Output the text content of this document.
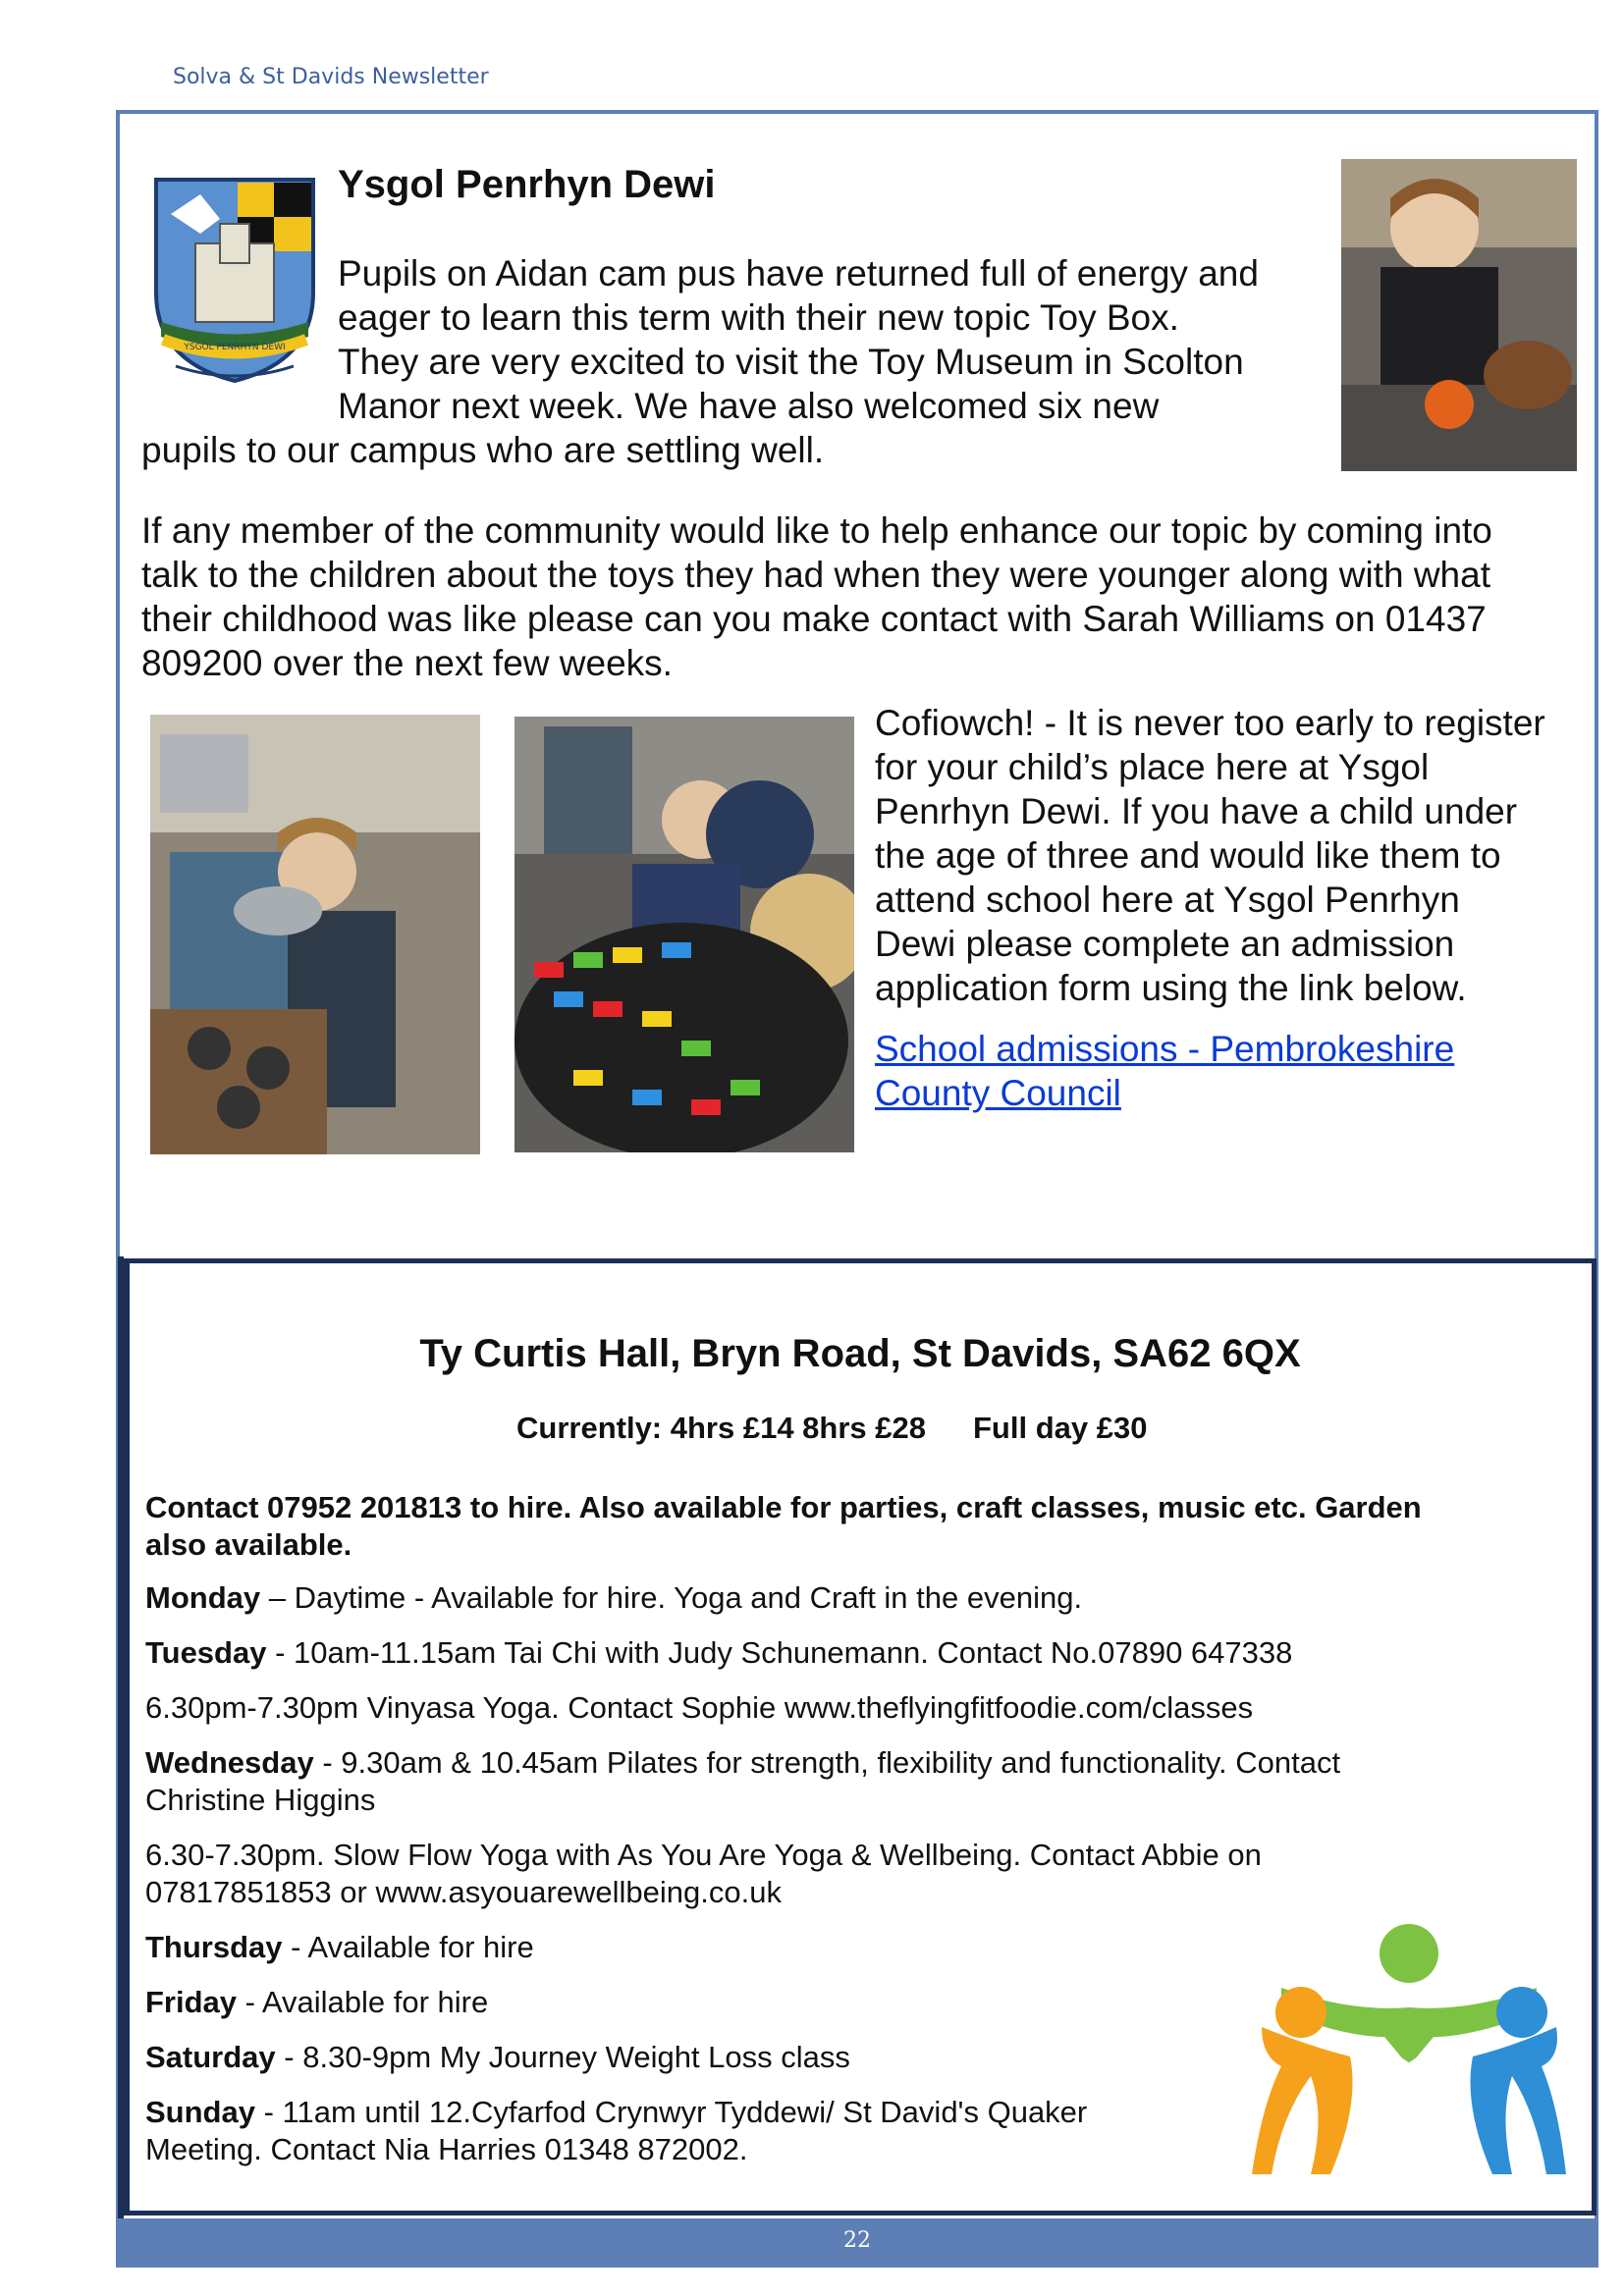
Solva & St Davids Newsletter
YSGOL PENRHYN DEWI
Ysgol Penrhyn Dewi
Pupils on Aidan cam pus have returned full of energy and
eager to learn this term with their new topic Toy Box.
They are very excited to visit the Toy Museum in Scolton
Manor next week. We have also welcomed six new
pupils to our campus who are settling well.
If any member of the community would like to help enhance our topic by coming into
talk to the children about the toys they had when they were younger along with what
their childhood was like please can you make contact with Sarah Williams on 01437
809200 over the next few weeks.
Cofiowch! - It is never too early to register
for your child’s place here at Ysgol
Penrhyn Dewi. If you have a child under
the age of three and would like them to
attend school here at Ysgol Penrhyn
Dewi please complete an admission
application form using the link below.
School admissions - Pembrokeshire
County Council
Ty Curtis Hall, Bryn Road, St Davids, SA62 6QX
Currently: 4hrs £14 8hrs £28 Full day £30
Contact 07952 201813 to hire. Also available for parties, craft classes, music etc. Garden
also available.
Monday – Daytime - Available for hire. Yoga and Craft in the evening.
Tuesday - 10am-11.15am Tai Chi with Judy Schunemann. Contact No.07890 647338
6.30pm-7.30pm Vinyasa Yoga. Contact Sophie www.theflyingfitfoodie.com/classes
Wednesday - 9.30am & 10.45am Pilates for strength, flexibility and functionality. Contact
Christine Higgins
6.30-7.30pm. Slow Flow Yoga with As You Are Yoga & Wellbeing. Contact Abbie on
07817851853 or www.asyouarewellbeing.co.uk
Thursday - Available for hire
Friday - Available for hire
Saturday - 8.30-9pm My Journey Weight Loss class
Sunday - 11am until 12.Cyfarfod Crynwyr Tyddewi/ St David's Quaker
Meeting. Contact Nia Harries 01348 872002.
22
